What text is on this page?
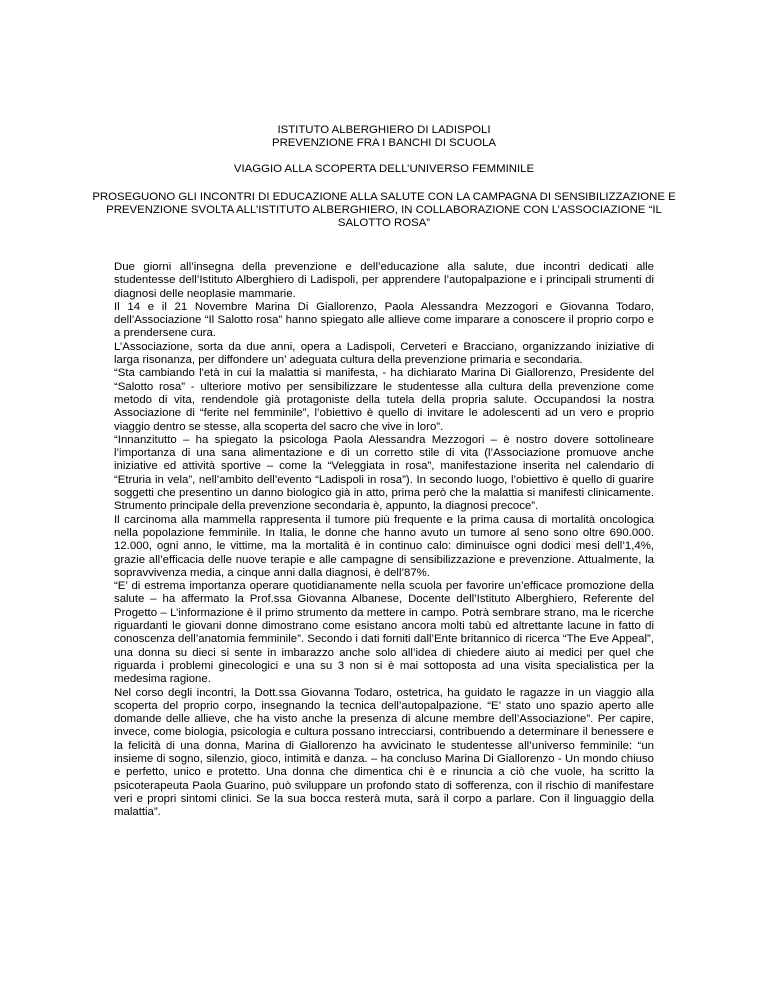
ISTITUTO ALBERGHIERO DI LADISPOLI
PREVENZIONE FRA I BANCHI DI SCUOLA
VIAGGIO ALLA SCOPERTA DELL’UNIVERSO FEMMINILE
PROSEGUONO GLI INCONTRI DI EDUCAZIONE ALLA SALUTE CON LA CAMPAGNA DI SENSIBILIZZAZIONE E
PREVENZIONE SVOLTA ALL’ISTITUTO ALBERGHIERO, IN COLLABORAZIONE CON L’ASSOCIAZIONE “IL
SALOTTO ROSA”

Due giorni all’insegna della prevenzione e dell’educazione alla salute, due incontri dedicati alle studentesse dell’Istituto Alberghiero di Ladispoli, per apprendere l’autopalpazione e i principali strumenti di diagnosi delle neoplasie mammarie.

Il 14 e il 21 Novembre Marina Di Giallorenzo, Paola Alessandra Mezzogori e Giovanna Todaro, dell’Associazione “Il Salotto rosa” hanno spiegato alle allieve come imparare a conoscere il proprio corpo e a prendersene cura.

L’Associazione, sorta da due anni, opera a Ladispoli, Cerveteri e Bracciano, organizzando iniziative di larga risonanza, per diffondere un’ adeguata cultura della prevenzione primaria e secondaria.

“Sta cambiando l'età in cui la malattia si manifesta, - ha dichiarato Marina Di Giallorenzo, Presidente del “Salotto rosa” - ulteriore motivo per sensibilizzare le studentesse alla cultura della prevenzione come metodo di vita, rendendole già protagoniste della tutela della propria salute. Occupandosi la nostra Associazione di “ferite nel femminile”, l’obiettivo è quello di invitare le adolescenti ad un vero e proprio viaggio dentro se stesse, alla scoperta del sacro che vive in loro”.

“Innanzitutto – ha spiegato la psicologa Paola Alessandra Mezzogori – è nostro dovere sottolineare l’importanza di una sana alimentazione e di un corretto stile di vita (l’Associazione promuove anche iniziative ed attività sportive – come la “Veleggiata in rosa”, manifestazione inserita nel calendario di “Etruria in vela”, nell’ambito dell’evento “Ladispoli in rosa”). In secondo luogo, l’obiettivo è quello di guarire soggetti che presentino un danno biologico già in atto, prima però che la malattia si manifesti clinicamente. Strumento principale della prevenzione secondaria è, appunto, la diagnosi precoce”.

Il carcinoma alla mammella rappresenta il tumore più frequente e la prima causa di mortalità oncologica nella popolazione femminile. In Italia, le donne che hanno avuto un tumore al seno sono oltre 690.000. 12.000, ogni anno, le vittime, ma la mortalità è in continuo calo: diminuisce ogni dodici mesi dell’1,4%, grazie all’efficacia delle nuove terapie e alle campagne di sensibilizzazione e prevenzione. Attualmente, la sopravvivenza media, a cinque anni dalla diagnosi, è dell’87%.

“E’ di estrema importanza operare quotidianamente nella scuola per favorire un’efficace promozione della salute – ha affermato la Prof.ssa Giovanna Albanese, Docente dell’Istituto Alberghiero, Referente del Progetto – L’informazione è il primo strumento da mettere in campo. Potrà sembrare strano, ma le ricerche riguardanti le giovani donne dimostrano come esistano ancora molti tabù ed altrettante lacune in fatto di conoscenza dell’anatomia femminile”. Secondo i dati forniti dall’Ente britannico di ricerca “The Eve Appeal”, una donna su dieci si sente in imbarazzo anche solo all’idea di chiedere aiuto ai medici per quel che riguarda i problemi ginecologici e una su 3 non si è mai sottoposta ad una visita specialistica per la medesima ragione.

Nel corso degli incontri, la Dott.ssa Giovanna Todaro, ostetrica, ha guidato le ragazze in un viaggio alla scoperta del proprio corpo, insegnando la tecnica dell’autopalpazione. “E’ stato uno spazio aperto alle domande delle allieve, che ha visto anche la presenza di alcune membre dell’Associazione”. Per capire, invece, come biologia, psicologia e cultura possano intrecciarsi, contribuendo a determinare il benessere e la felicità di una donna, Marina di Giallorenzo ha avvicinato le studentesse all’universo femminile: “un insieme di sogno, silenzio, gioco, intimità e danza. – ha concluso Marina Di Giallorenzo - Un mondo chiuso e perfetto, unico e protetto. Una donna che dimentica chi è e rinuncia a ciò che vuole, ha scritto la psicoterapeuta Paola Guarino, può sviluppare un profondo stato di sofferenza, con il rischio di manifestare veri e propri sintomi clinici. Se la sua bocca resterà muta, sarà il corpo a parlare. Con il linguaggio della malattia”.
